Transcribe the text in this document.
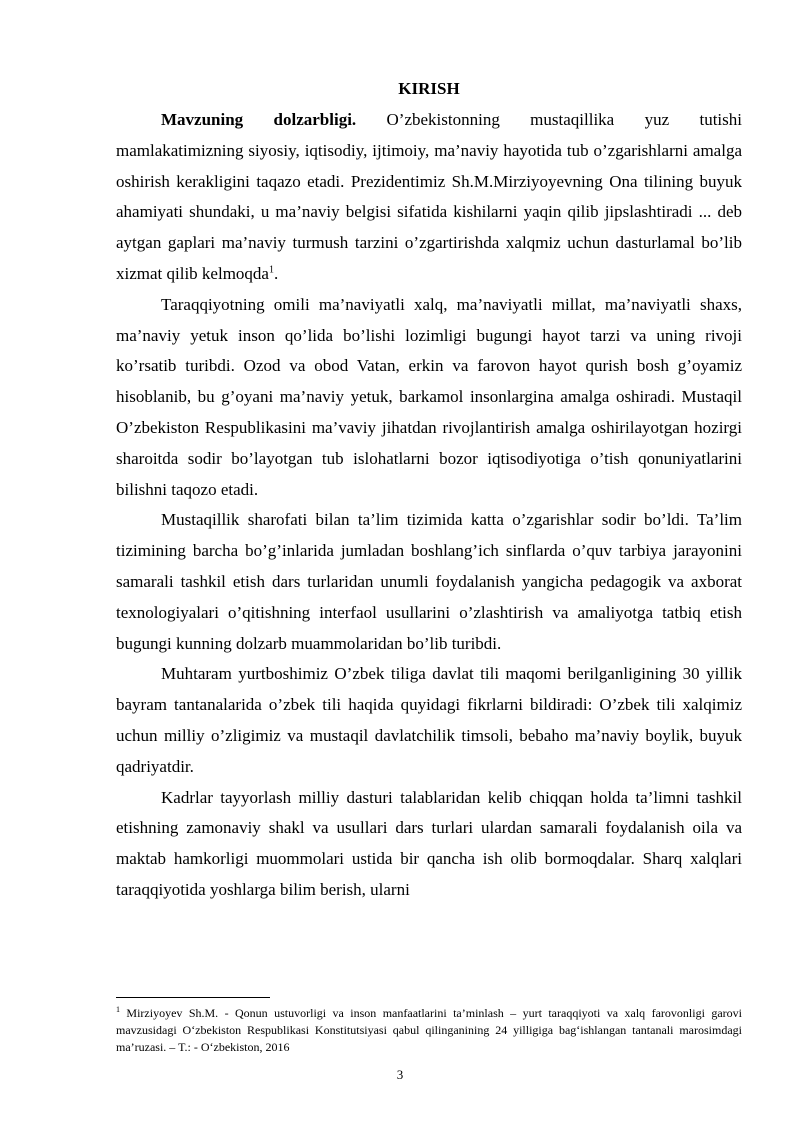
KIRISH

Mavzuning dolzarbligi. O’zbekistonning mustaqillika yuz tutishi mamlakatimizning siyosiy, iqtisodiy, ijtimoiy, ma’naviy hayotida tub o’zgarishlarni amalga oshirish kerakligini taqazo etadi. Prezidentimiz Sh.M.Mirziyoyevning Ona tilining buyuk ahamiyati shundaki, u ma’naviy belgisi sifatida kishilarni yaqin qilib jipslashtiradi ... deb aytgan gaplari ma’naviy turmush tarzini o’zgartirishda xalqmiz uchun dasturlamal bo’lib xizmat qilib kelmoqda$^1$.

Taraqqiyotning omili ma’naviyatli xalq, ma’naviyatli millat, ma’naviyatli shaxs, ma’naviy yetuk inson qo’lida bo’lishi lozimligi bugungi hayot tarzi va uning rivoji ko’rsatib turibdi. Ozod va obod Vatan, erkin va farovon hayot qurish bosh g’oyamiz hisoblanib, bu g’oyani ma’naviy yetuk, barkamol insonlargina amalga oshiradi. Mustaqil O’zbekiston Respublikasini ma’vaviy jihatdan rivojlantirish amalga oshirilayotgan hozirgi sharoitda sodir bo’layotgan tub islohatlarni bozor iqtisodiyotiga o’tish qonuniyatlarini bilishni taqozo etadi.

Mustaqillik sharofati bilan ta’lim tizimida katta o’zgarishlar sodir bo’ldi. Ta’lim tizimining barcha bo’g’inlarida jumladan boshlang’ich sinflarda o’quv tarbiya jarayonini samarali tashkil etish dars turlaridan unumli foydalanish yangicha pedagogik va axborat texnologiyalari o’qitishning interfaol usullarini o’zlashtirish va amaliyotga tatbiq etish bugungi kunning dolzarb muammolaridan bo’lib turibdi.

Muhtaram yurtboshimiz O’zbek tiliga davlat tili maqomi berilganligining 30 yillik bayram tantanalarida o’zbek tili haqida quyidagi fikrlarni bildiradi: O’zbek tili xalqimiz uchun milliy o’zligimiz va mustaqil davlatchilik timsoli, bebaho ma’naviy boylik, buyuk qadriyatdir.

Kadrlar tayyorlash milliy dasturi talablaridan kelib chiqqan holda ta’limni tashkil etishning zamonaviy shakl va usullari dars turlari ulardan samarali foydalanish oila va maktab hamkorligi muommolari ustida bir qancha ish olib bormoqdalar. Sharq xalqlari taraqqiyotida yoshlarga bilim berish, ularni

$^1$ Mirziyoyev Sh.M. - Qonun ustuvorligi va inson manfaatlarini ta’minlash – yurt taraqqiyoti va xalq farovonligi garovi mavzusidagi O‘zbekiston Respublikasi Konstitutsiyasi qabul qilinganining 24 yilligiga bag‘ishlangan tantanali marosimdagi ma’ruzasi. – T.: - O‘zbekiston, 2016

3
